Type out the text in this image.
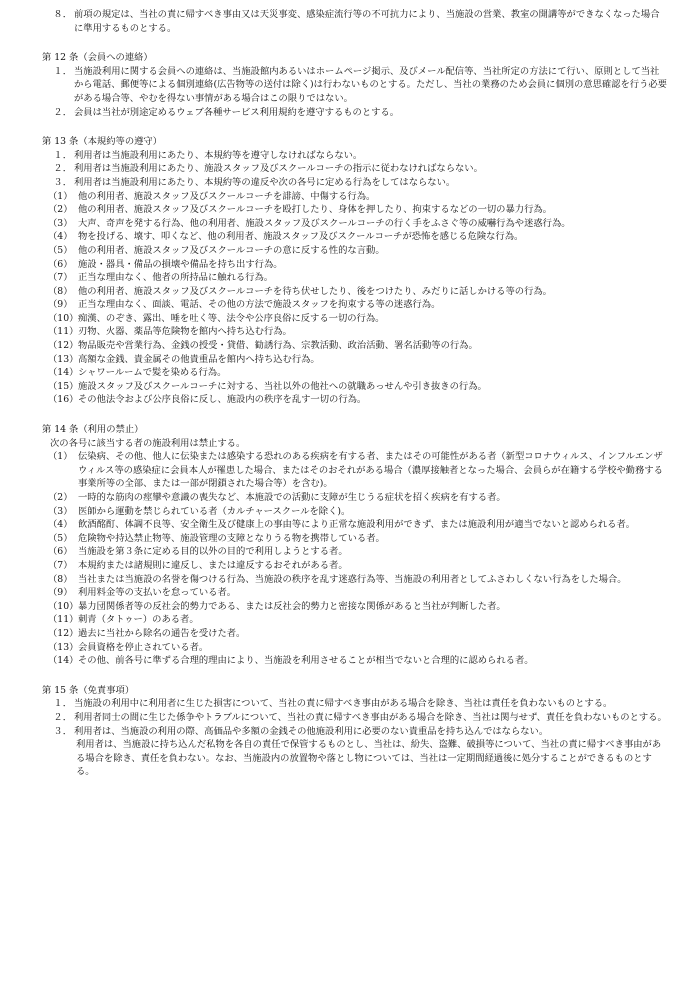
８． 前項の規定は、当社の責に帰すべき事由又は天災事変、感染症流行等の不可抗力により、当施設の営業、教室の開講等ができなくなった場合に準用するものとする。

第 12 条（会員への連絡）
１． 当施設利用に関する会員への連絡は、当施設館内あるいはホームページ掲示、及びメール配信等、当社所定の方法にて行い、原則として当社から電話、郵便等による個別連絡(広告物等の送付は除く)は行わないものとする。ただし、当社の業務のため会員に個別の意思確認を行う必要がある場合等、やむを得ない事情がある場合はこの限りではない。

２． 会員は当社が別途定めるウェブ各種サービス利用規約を遵守するものとする。

第 13 条（本規約等の遵守）
１． 利用者は当施設利用にあたり、本規約等を遵守しなければならない。

２． 利用者は当施設利用にあたり、施設スタッフ及びスクールコーチの指示に従わなければならない。

３． 利用者は当施設利用にあたり、本規約等の違反や次の各号に定める行為をしてはならない。

（1） 他の利用者、施設スタッフ及びスクールコーチを誹謗、中傷する行為。

（2） 他の利用者、施設スタッフ及びスクールコーチを殴打したり、身体を押したり、拘束するなどの一切の暴力行為。

（3） 大声、奇声を発する行為、他の利用者、施設スタッフ及びスクールコーチの行く手をふさぐ等の威嚇行為や迷惑行為。

（4） 物を投げる、壊す、叩くなど、他の利用者、施設スタッフ及びスクールコーチが恐怖を感じる危険な行為。

（5） 他の利用者、施設スタッフ及びスクールコーチの意に反する性的な言動。

（6） 施設・器具・備品の損壊や備品を持ち出す行為。

（7） 正当な理由なく、他者の所持品に触れる行為。

（8） 他の利用者、施設スタッフ及びスクールコーチを待ち伏せしたり、後をつけたり、みだりに話しかける等の行為。

（9） 正当な理由なく、面談、電話、その他の方法で施設スタッフを拘束する等の迷惑行為。

（10） 痴漢、のぞき、露出、唾を吐く等、法令や公序良俗に反する一切の行為。

（11） 刃物、火器、薬品等危険物を館内へ持ち込む行為。

（12） 物品販売や営業行為、金銭の授受・貸借、勧誘行為、宗教活動、政治活動、署名活動等の行為。

（13） 高額な金銭、貴金属その他貴重品を館内へ持ち込む行為。

（14） シャワールームで髪を染める行為。

（15） 施設スタッフ及びスクールコーチに対する、当社以外の他社への就職あっせんや引き抜きの行為。

（16） その他法令および公序良俗に反し、施設内の秩序を乱す一切の行為。

第 14 条（利用の禁止）

次の各号に該当する者の施設利用は禁止する。

（1） 伝染病、その他、他人に伝染または感染する恐れのある疾病を有する者、またはその可能性がある者（新型コロナウィルス、インフルエンザウィルス等の感染症に会員本人が罹患した場合、またはそのおそれがある場合（濃厚接触者となった場合、会員らが在籍する学校や勤務する事業所等の全部、または一部が閉鎖された場合等）を含む)。

（2） 一時的な筋肉の痙攣や意識の喪失など、本施設での活動に支障が生じうる症状を招く疾病を有する者。

（3） 医師から運動を禁じられている者（カルチャースクールを除く)。

（4） 飲酒酩酊、体調不良等、安全衛生及び健康上の事由等により正常な施設利用ができず、または施設利用が適当でないと認められる者。

（5） 危険物や持込禁止物等、施設管理の支障となりうる物を携帯している者。

（6） 当施設を第３条に定める目的以外の目的で利用しようとする者。

（7） 本規約または諸規則に違反し、または違反するおそれがある者。

（8） 当社または当施設の名誉を傷つける行為、当施設の秩序を乱す迷惑行為等、当施設の利用者としてふさわしくない行為をした場合。

（9） 利用料金等の支払いを怠っている者。

（10） 暴力団関係者等の反社会的勢力である、または反社会的勢力と密接な関係があると当社が判断した者。

（11） 刺青（タトゥー）のある者。

（12） 過去に当社から除名の通告を受けた者。

（13） 会員資格を停止されている者。

（14） その他、前各号に準ずる合理的理由により、当施設を利用させることが相当でないと合理的に認められる者。

第 15 条（免責事項）
１． 当施設の利用中に利用者に生じた損害について、当社の責に帰すべき事由がある場合を除き、当社は責任を負わないものとする。

２． 利用者同士の間に生じた係争やトラブルについて、当社の責に帰すべき事由がある場合を除き、当社は関与せず、責任を負わないものとする。

３． 利用者は、当施設の利用の際、高価品や多額の金銭その他施設利用に必要のない貴重品を持ち込んではならない。

利用者は、当施設に持ち込んだ私物を各自の責任で保管するものとし、当社は、紛失、盗難、破損等について、当社の責に帰すべき事由がある場合を除き、責任を負わない。なお、当施設内の放置物や落とし物については、当社は一定期間経過後に処分することができるものとする。
